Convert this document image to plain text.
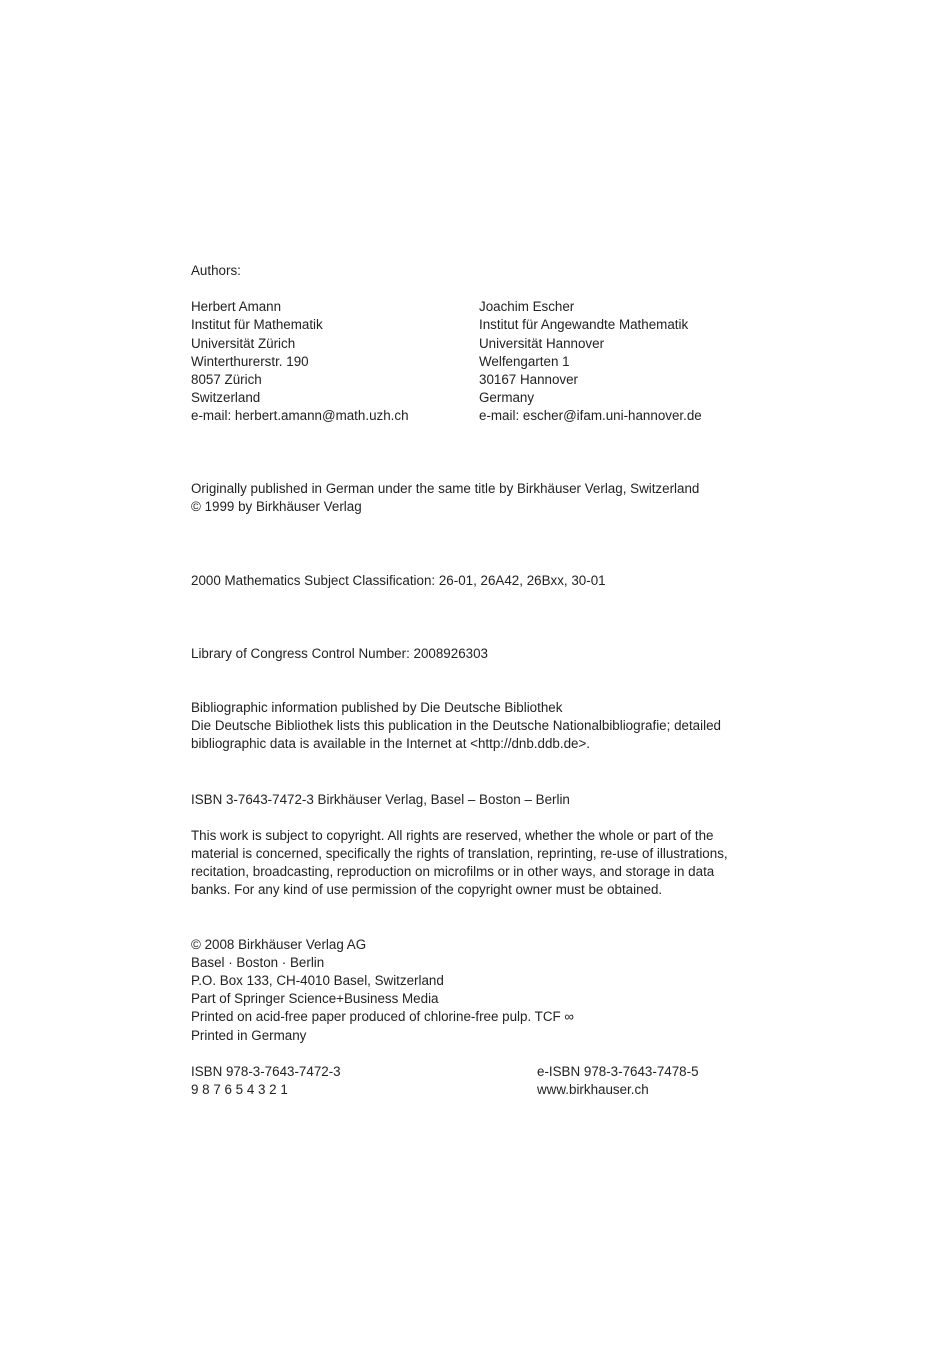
Authors:
Herbert Amann
Institut für Mathematik
Universität Zürich
Winterthurerstr. 190
8057 Zürich
Switzerland
e-mail: herbert.amann@math.uzh.ch
Joachim Escher
Institut für Angewandte Mathematik
Universität Hannover
Welfengarten 1
30167 Hannover
Germany
e-mail: escher@ifam.uni-hannover.de
Originally published in German under the same title by Birkhäuser Verlag, Switzerland
© 1999 by Birkhäuser Verlag
2000 Mathematics Subject Classification: 26-01, 26A42, 26Bxx, 30-01
Library of Congress Control Number: 2008926303
Bibliographic information published by Die Deutsche Bibliothek
Die Deutsche Bibliothek lists this publication in the Deutsche Nationalbibliografie; detailed
bibliographic data is available in the Internet at <http://dnb.ddb.de>.
ISBN 3-7643-7472-3 Birkhäuser Verlag, Basel – Boston – Berlin
This work is subject to copyright. All rights are reserved, whether the whole or part of the
material is concerned, specifically the rights of translation, reprinting, re-use of illustrations,
recitation, broadcasting, reproduction on microfilms or in other ways, and storage in data
banks. For any kind of use permission of the copyright owner must be obtained.
© 2008 Birkhäuser Verlag AG
Basel · Boston · Berlin
P.O. Box 133, CH-4010 Basel, Switzerland
Part of Springer Science+Business Media
Printed on acid-free paper produced of chlorine-free pulp. TCF ∞
Printed in Germany
ISBN 978-3-7643-7472-3
9 8 7 6 5 4 3 2 1
e-ISBN 978-3-7643-7478-5
www.birkhauser.ch
